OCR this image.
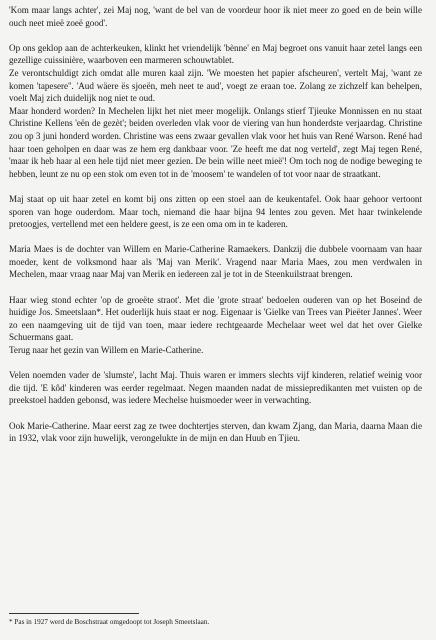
'Kom maar langs achter', zei Maj nog, 'want de bel van de voordeur hoor ik niet meer zo goed en de bein wille ouch neet mieë zoeë good'.

Op ons geklop aan de achterkeuken, klinkt het vriendelijk 'bènne' en Maj begroet ons vanuit haar zetel langs een gezellige cuissinière, waarboven een marmeren schouwtablet.

Ze verontschuldigt zich omdat alle muren kaal zijn. 'We moesten het papier afscheuren', vertelt Maj, 'want ze komen 'tapesere''. 'Aud wäere ës sjoeën, meh neet te aud', voegt ze eraan toe. Zolang ze zichzelf kan behelpen, voelt Maj zich duidelijk nog niet te oud.

Maar honderd worden? In Mechelen lijkt het niet meer mogelijk. Onlangs stierf Tjieuke Monnissen en nu staat Christine Kellens 'eën de gezèt'; beiden overleden vlak voor de viering van hun honderdste verjaardag. Christine zou op 3 juni honderd worden. Christine was eens zwaar gevallen vlak voor het huis van René Warson. René had haar toen geholpen en daar was ze hem erg dankbaar voor. 'Ze heeft me dat nog verteld', zegt Maj tegen René, 'maar ik heb haar al een hele tijd niet meer gezien. De bein wille neet mieë'! Om toch nog de nodige beweging te hebben, leunt ze nu op een stok om even tot in de 'moosem' te wandelen of tot voor naar de straatkant.

Maj staat op uit haar zetel en komt bij ons zitten op een stoel aan de keukentafel. Ook haar gehoor vertoont sporen van hoge ouderdom. Maar toch, niemand die haar bijna 94 lentes zou geven. Met haar twinkelende pretoogjes, vertellend met een heldere geest, is ze een oma om in te kaderen.

Maria Maes is de dochter van Willem en Marie-Catherine Ramaekers. Dankzij die dubbele voornaam van haar moeder, kent de volksmond haar als 'Maj van Merik'. Vragend naar Maria Maes, zou men verdwalen in Mechelen, maar vraag naar Maj van Merik en iedereen zal je tot in de Steenkuilstraat brengen.

Haar wieg stond echter 'op de groeëte straot'. Met die 'grote straat' bedoelen ouderen van op het Boseind de huidige Jos. Smeetslaan*. Het ouderlijk huis staat er nog. Eigenaar is 'Gielke van Trees van Pieëter Jannes'. Weer zo een naamgeving uit de tijd van toen, maar iedere rechtgeaarde Mechelaar weet wel dat het over Gielke Schuermans gaat.

Terug naar het gezin van Willem en Marie-Catherine.

Velen noemden vader de 'slumste', lacht Maj. Thuis waren er immers slechts vijf kinderen, relatief weinig voor die tijd. 'E kôd' kinderen was eerder regelmaat. Negen maanden nadat de missiepredikanten met vuisten op de preekstoel hadden gebonsd, was iedere Mechelse huismoeder weer in verwachting.

Ook Marie-Catherine. Maar eerst zag ze twee dochtertjes sterven, dan kwam Zjang, dan Maria, daarna Maan die in 1932, vlak voor zijn huwelijk, verongelukte in de mijn en dan Huub en Tjieu.

* Pas in 1927 werd de Boschstraat omgedoopt tot Joseph Smeetslaan.
